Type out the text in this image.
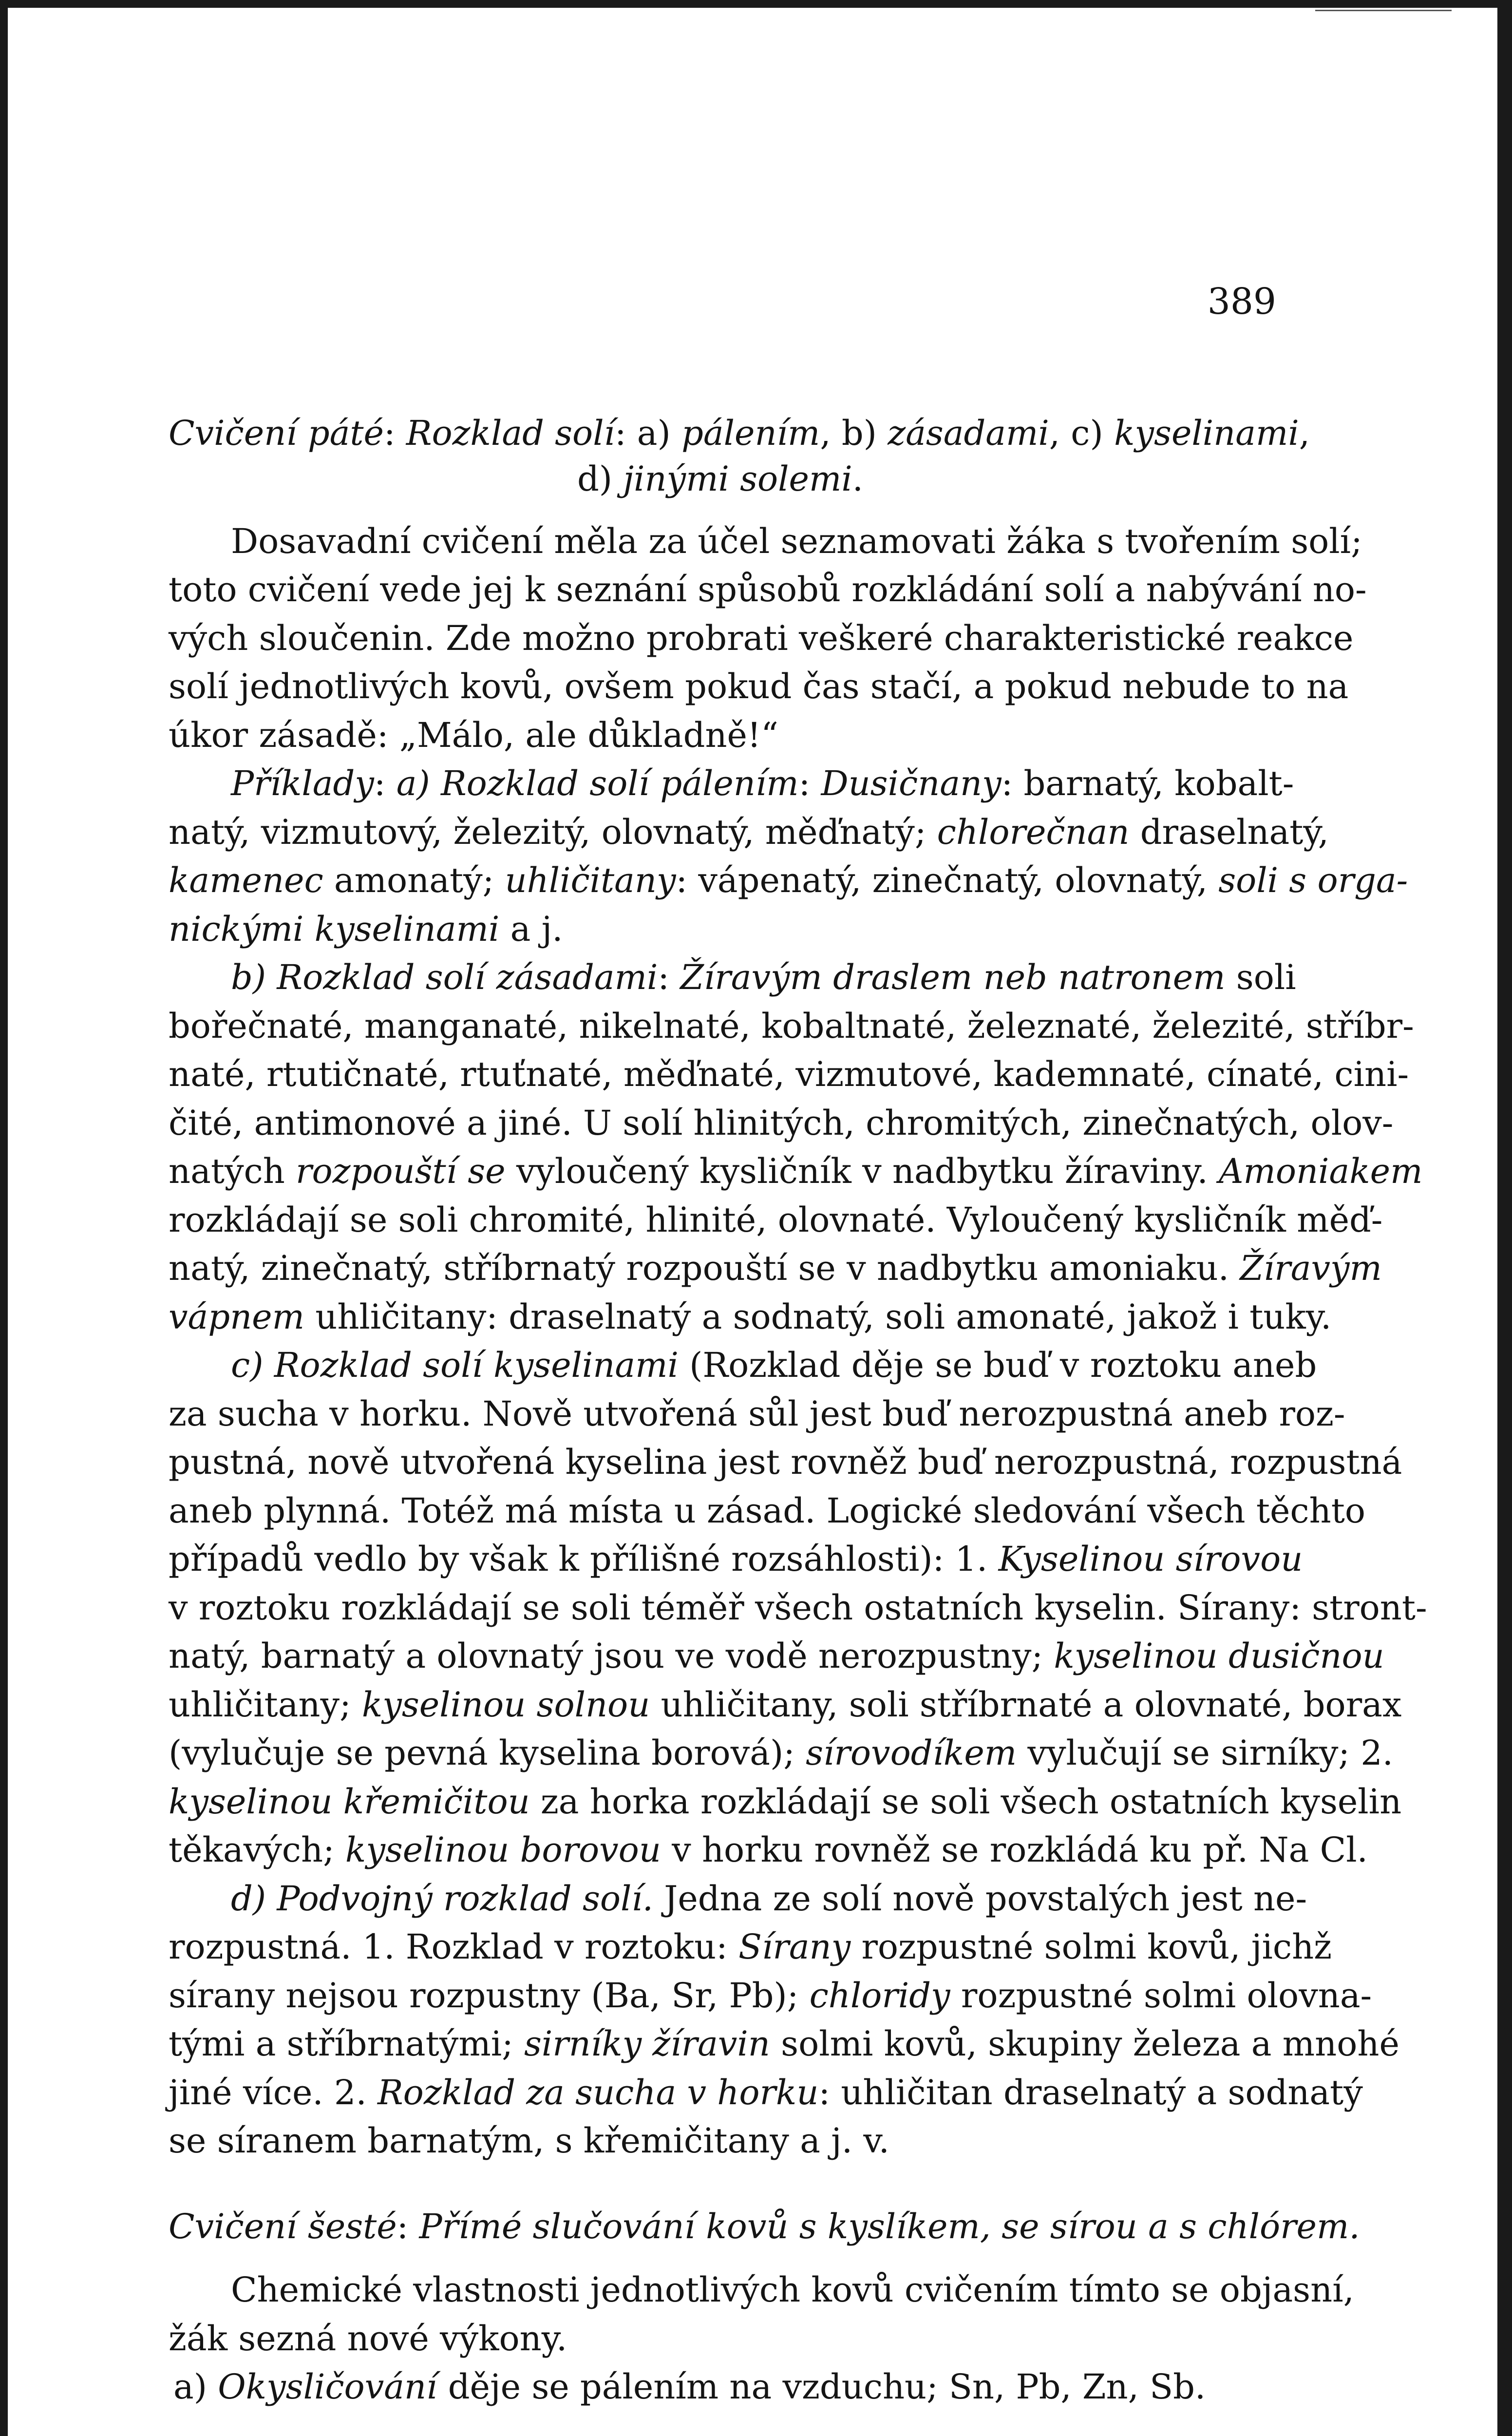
389
Cvičení páté: Rozklad solí: a) pálením, b) zásadami, c) kyselinami,
d) jinými solemi.
Dosavadní cvičení měla za účel seznamovati žáka s tvořením solí;
toto cvičení vede jej k seznání spůsobů rozkládání solí a nabývání no-
vých sloučenin. Zde možno probrati veškeré charakteristické reakce
solí jednotlivých kovů, ovšem pokud čas stačí, a pokud nebude to na
úkor zásadě: „Málo, ale důkladně!“
Příklady: a) Rozklad solí pálením: Dusičnany: barnatý, kobalt-
natý, vizmutový, železitý, olovnatý, měďnatý; chlorečnan draselnatý,
kamenec amonatý; uhličitany: vápenatý, zinečnatý, olovnatý, soli s orga-
nickými kyselinami a j.
b) Rozklad solí zásadami: Žíravým draslem neb natronem soli
bořečnaté, manganaté, nikelnaté, kobaltnaté, železnaté, železité, stříbr-
naté, rtutičnaté, rtuťnaté, měďnaté, vizmutové, kademnaté, cínaté, cini-
čité, antimonové a jiné. U solí hlinitých, chromitých, zinečnatých, olov-
natých rozpouští se vyloučený kysličník v nadbytku žíraviny. Amoniakem
rozkládají se soli chromité, hlinité, olovnaté. Vyloučený kysličník měď-
natý, zinečnatý, stříbrnatý rozpouští se v nadbytku amoniaku. Žíravým
vápnem uhličitany: draselnatý a sodnatý, soli amonaté, jakož i tuky.
c) Rozklad solí kyselinami (Rozklad děje se buď v roztoku aneb
za sucha v horku. Nově utvořená sůl jest buď nerozpustná aneb roz-
pustná, nově utvořená kyselina jest rovněž buď nerozpustná, rozpustná
aneb plynná. Totéž má místa u zásad. Logické sledování všech těchto
případů vedlo by však k přílišné rozsáhlosti): 1. Kyselinou sírovou
v roztoku rozkládají se soli téměř všech ostatních kyselin. Sírany: stront-
natý, barnatý a olovnatý jsou ve vodě nerozpustny; kyselinou dusičnou
uhličitany; kyselinou solnou uhličitany, soli stříbrnaté a olovnaté, borax
(vylučuje se pevná kyselina borová); sírovodíkem vylučují se sirníky; 2.
kyselinou křemičitou za horka rozkládají se soli všech ostatních kyselin
těkavých; kyselinou borovou v horku rovněž se rozkládá ku př. Na Cl.
d) Podvojný rozklad solí. Jedna ze solí nově povstalých jest ne-
rozpustná. 1. Rozklad v roztoku: Sírany rozpustné solmi kovů, jichž
sírany nejsou rozpustny (Ba, Sr, Pb); chloridy rozpustné solmi olovna-
tými a stříbrnatými; sirníky žíravin solmi kovů, skupiny železa a mnohé
jiné více. 2. Rozklad za sucha v horku: uhličitan draselnatý a sodnatý
se síranem barnatým, s křemičitany a j. v.
Cvičení šesté: Přímé slučování kovů s kyslíkem, se sírou a s chlórem.
Chemické vlastnosti jednotlivých kovů cvičením tímto se objasní,
žák sezná nové výkony.
a) Okysličování děje se pálením na vzduchu; Sn, Pb, Zn, Sb.
